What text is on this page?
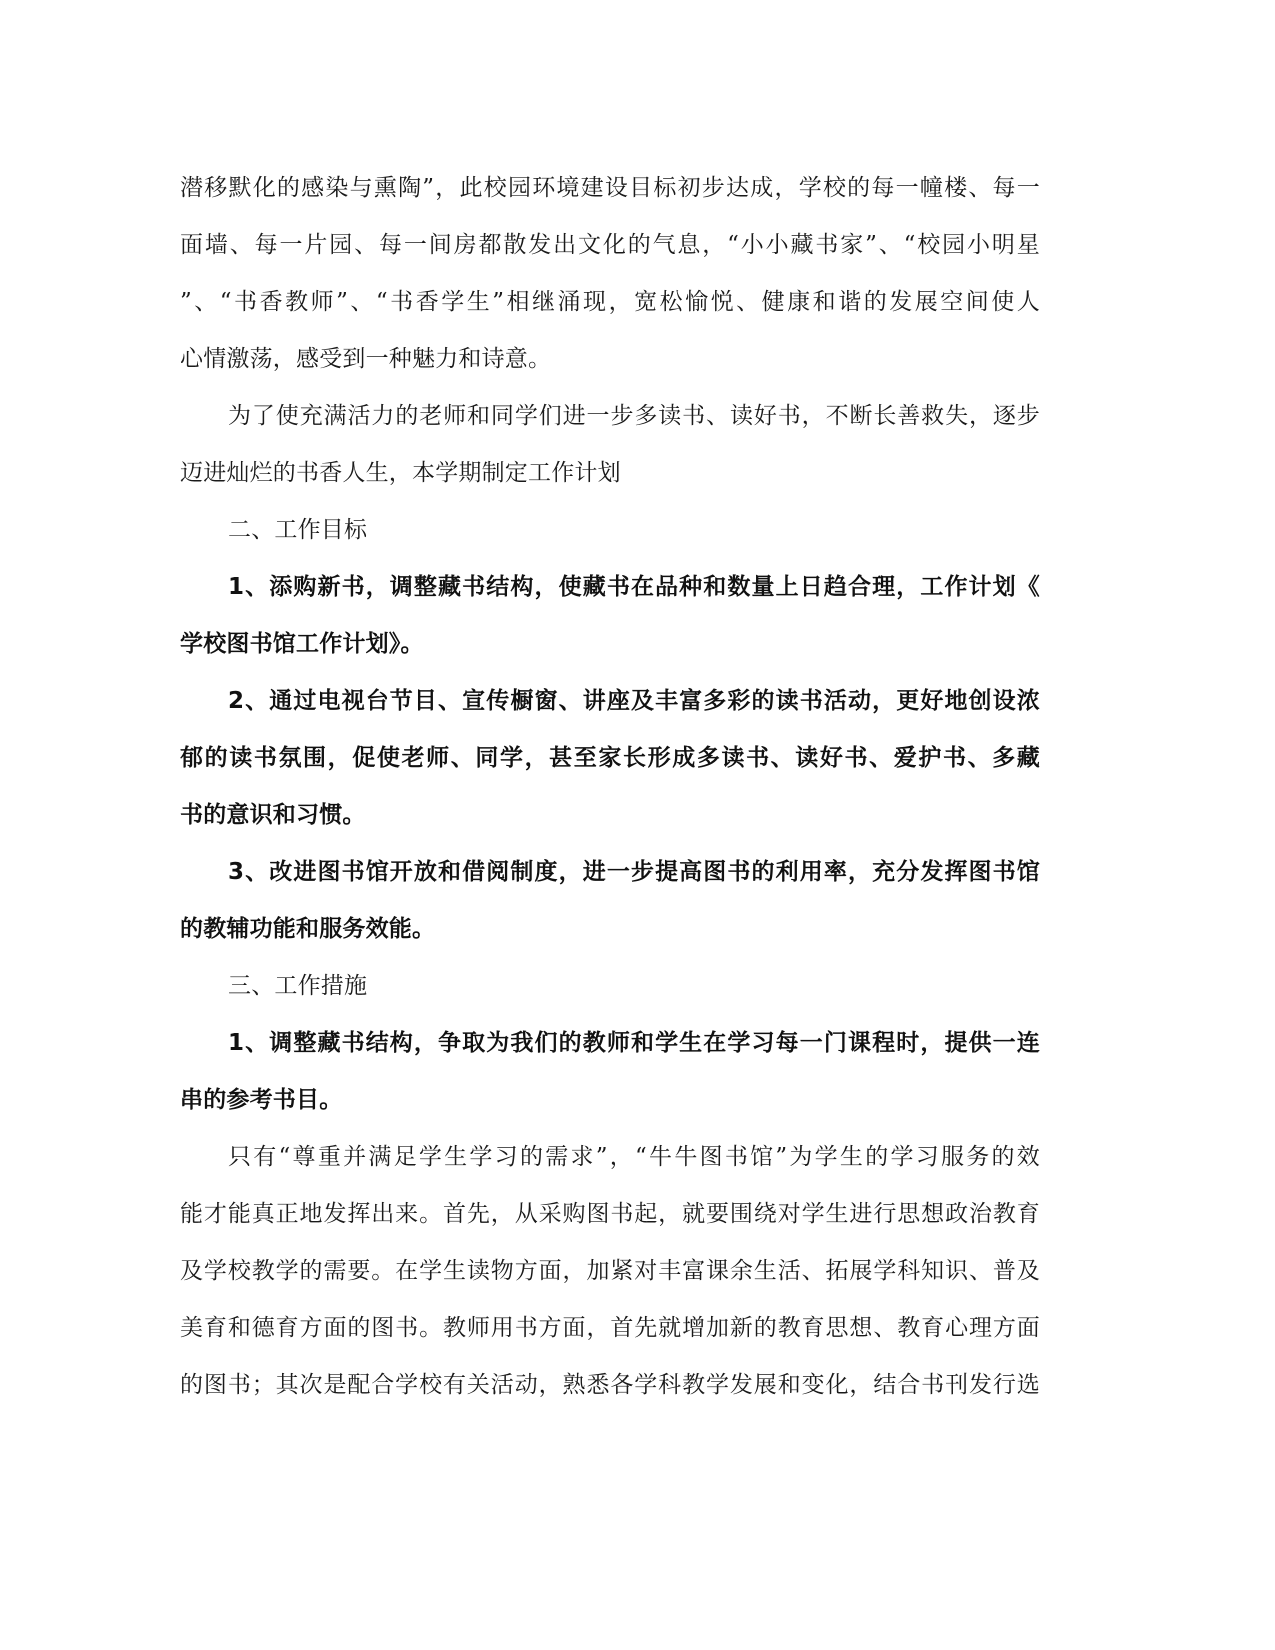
潜移默化的感染与熏陶”，此校园环境建设目标初步达成，学校的每一幢楼、每一
面墙、每一片园、每一间房都散发出文化的气息，“小小藏书家”、“校园小明星
”、“书香教师”、“书香学生”相继涌现，宽松愉悦、健康和谐的发展空间使人
心情激荡，感受到一种魅力和诗意。
为了使充满活力的老师和同学们进一步多读书、读好书，不断长善救失，逐步
迈进灿烂的书香人生，本学期制定工作计划
二、工作目标
1、添购新书，调整藏书结构，使藏书在品种和数量上日趋合理，工作计划《
学校图书馆工作计划》。
2、通过电视台节目、宣传橱窗、讲座及丰富多彩的读书活动，更好地创设浓
郁的读书氛围，促使老师、同学，甚至家长形成多读书、读好书、爱护书、多藏
书的意识和习惯。
3、改进图书馆开放和借阅制度，进一步提高图书的利用率，充分发挥图书馆
的教辅功能和服务效能。
三、工作措施
1、调整藏书结构，争取为我们的教师和学生在学习每一门课程时，提供一连
串的参考书目。
只有“尊重并满足学生学习的需求”，“牛牛图书馆”为学生的学习服务的效
能才能真正地发挥出来。首先，从采购图书起，就要围绕对学生进行思想政治教育
及学校教学的需要。在学生读物方面，加紧对丰富课余生活、拓展学科知识、普及
美育和德育方面的图书。教师用书方面，首先就增加新的教育思想、教育心理方面
的图书；其次是配合学校有关活动，熟悉各学科教学发展和变化，结合书刊发行选
